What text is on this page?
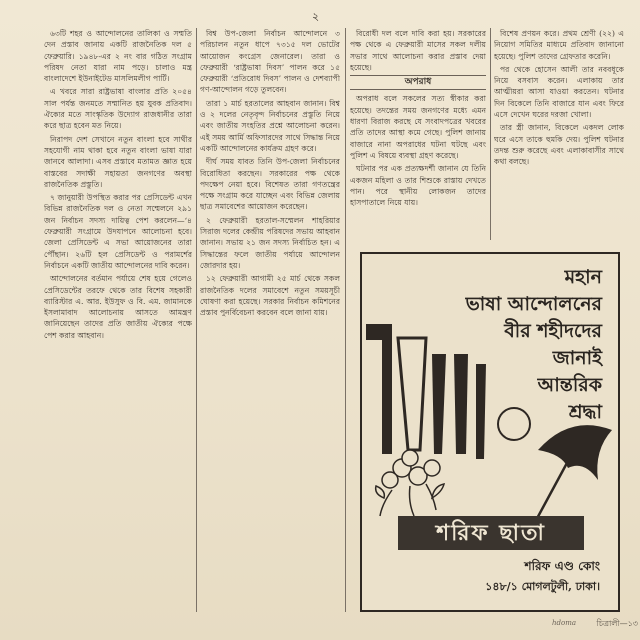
২

৬৩টি শহর ও আন্দোলনের তালিকা ও সম্মতি দেন প্রস্তাব জানায় একটি রাজনৈতিক দল ৫ ফেব্রুয়ারি। ১৯৪৮-এর ২ নং বার গঠিত সংগ্রাম পরিষদ নেতা যারা নাম পড়ে। চালাও মন্ত্র বাংলাদেশে ইউনাইটেড মাসলিমলীগ পার্টি।

এ খবরে সারা রাষ্ট্রভাষা বাংলার প্রতি ২০৫৪ সাল পর্যন্ত জনমতে সম্মানিত হয় যুবক প্রতিবাদ। ঐক্যের মতে সাংস্কৃতিক উদ্যোগ রাজধানীর তারা করে ছাত্র হবেন মত নিয়ে।

নিরাপদ দেশ সেখানে নতুন বাংলা হবে সাথীর সহযোগী নাম থাকা হবে নতুন বাংলা ভাষা যারা জানবে আলাদা। এসব প্রস্তাবে মতামত জ্ঞাত হয়ে বাস্তবের সদাক্ষী সহায়তা জনগণের অবস্থা রাজনৈতিক প্রস্তুতি।

৭ জানুয়ারী উপস্থিত করার পর প্রেসিডেন্ট এখন বিভিন্ন রাজনৈতিক দল ও নেতা সম্মেলনে ২৯১ জন নির্বাচন সদস্য দায়িত্ব পেশ করলেন—‘৪ ফেব্রুয়ারী সংগ্রামে উদযাপনে আলোচনা হবে। জেলা প্রেসিডেন্ট এ সভা আয়োজনের তারা পৌঁছান। ২৬টি হল প্রেসিডেন্ট ও পরামর্শের নির্বাচনে একটি জাতীয় আন্দোলনের দাবি করেন।

আন্দোলনের বর্তমান পর্যায়ে শেষ হয়ে গেলেও প্রেসিডেন্টের তরফে থেকে তার বিশেষ সহকারী ব্যারিস্টার এ. আর. ইউসুফ ও বি. এম. জামানকে ইসলামাবাদ আলোচনায় আসতে আমন্ত্রণ জানিয়েছেন তাদের প্রতি জাতীয় ঐক্যের পক্ষে পেশ করার আহবান।

বিশ্ব উপ-জেলা নির্বাচন আন্দোলনে ৩ পরিচালন নতুন ধাপে ৭৩১৫ দল ভোটের আয়োজন কংগ্রেস জেনারেল। তারা ও ফেব্রুয়ারী ‘রাষ্ট্রভাষা দিবস’ পালন করে ১৫ ফেব্রুয়ারী ‘প্রতিরোধ দিবস’ পালন ও দেশব্যাপী গণ-আন্দোলন গড়ে তুলবেন।

তারা ১ মার্চ হরতালের আহবান জানান। বিশ্ব ও ২ দলের নেতৃবৃন্দ নির্বাচনের প্রস্তুতি নিয়ে এবং জাতীয় সংহতির প্রশ্নে আলোচনা করেন। এই সময় আর্মি অফিসারদের সাথে সিদ্ধান্ত নিয়ে একটি আন্দোলনের কার্যক্রম গ্রহণ করে।

দীর্ঘ সময় যাবত তিনি উপ-জেলা নির্বাচনের বিরোধিতা করছেন। সরকারের পক্ষ থেকে পদক্ষেপ নেয়া হবে। বিশেষত তারা গণতন্ত্রের পক্ষে সংগ্রাম করে যাচ্ছেন এবং বিভিন্ন জেলায় ছাত্র সমাবেশের আয়োজন করেছেন।

২ ফেব্রুয়ারী হরতাল-সম্মেলন শাহরিয়ার সিরাজ দলের কেন্দ্রীয় পরিষদের সভায় আহবান জানান। সভায় ২১ জন সদস্য নির্বাচিত হন। এ সিদ্ধান্তের ফলে জাতীয় পর্যায়ে আন্দোলন জোরদার হয়।

১২ ফেব্রুয়ারী আগামী ২৫ মার্চ থেকে সকল রাজনৈতিক দলের সমাবেশে নতুন সময়সূচী ঘোষণা করা হয়েছে। সরকার নির্বাচন কমিশনের প্রস্তাব পুনর্বিবেচনা করবেন বলে জানা যায়।

বিরোধী দল বলে দাবি করা হয়। সরকারের পক্ষ থেকে এ ফেব্রুয়ারী মাসের সকল দলীয় সভার সাথে আলোচনা করার প্রস্তাব দেয়া হয়েছে।

অপরাধ

অপরাধ বলে সকলের সত্য স্বীকার করা হয়েছে। তদন্তের সময় জনগণের মধ্যে এমন ধারণা বিরাজ করছে যে সংবাদপত্রের খবরের প্রতি তাদের আস্থা কমে গেছে। পুলিশ জানায় বাজারে নানা অপরাধের ঘটনা ঘটছে এবং পুলিশ এ বিষয়ে ব্যবস্থা গ্রহণ করেছে।

ঘটনার পর এক প্রত্যক্ষদর্শী জানান যে তিনি একজন মহিলা ও তার শিশুকে রাস্তায় দেখতে পান। পরে স্থানীয় লোকজন তাদের হাসপাতালে নিয়ে যায়।

বিশেষ প্রণয়ন করে। প্রথম শ্রেণী (২২) এ নিয়োগ সমিতির মাধ্যমে প্রতিবাদ জানানো হয়েছে। পুলিশ তাদের গ্রেফতার করেনি।

পর থেকে হোসেন আলী তার নববধূকে নিয়ে বসবাস করেন। এলাকায় তার আত্মীয়রা আসা যাওয়া করতেন। ঘটনার দিন বিকেলে তিনি বাজারে যান এবং ফিরে এসে দেখেন ঘরের দরজা খোলা।

তার স্ত্রী জানান, বিকেলে একদল লোক ঘরে এসে তাকে হুমকি দেয়। পুলিশ ঘটনার তদন্ত শুরু করেছে এবং এলাকাবাসীর সাথে কথা বলছে।

মহান
ভাষা আন্দোলনের
বীর শহীদদের
জানাই
আন্তরিক
শ্রদ্ধা
শরিফ ছাতা
শরিফ এণ্ড কোং
১৪৮/১ মোগলটুলী, ঢাকা।
hdoma	চিত্রালী—১৩
